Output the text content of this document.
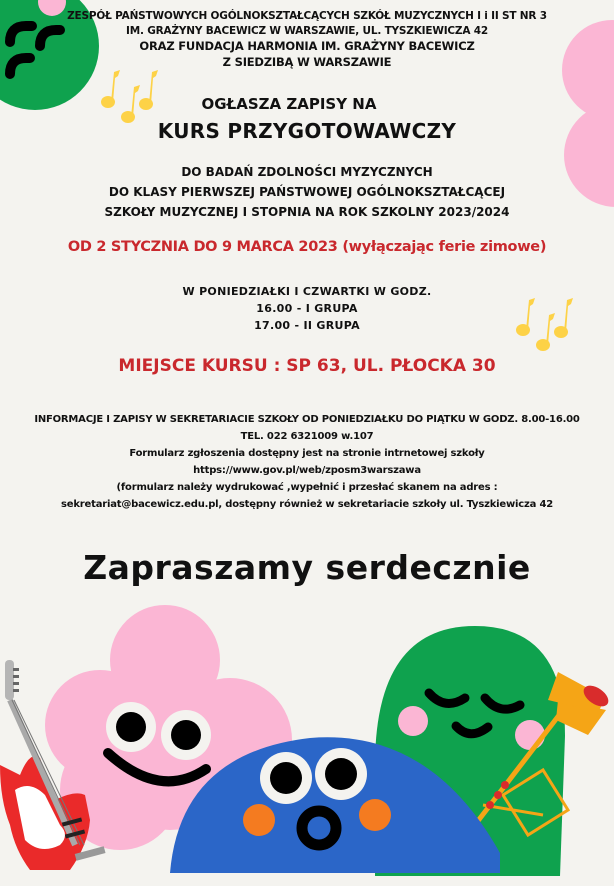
ZESPÓŁ PAŃSTWOWYCH OGÓLNOKSZTAŁCĄCYCH SZKÓŁ MUZYCZNYCH I i II ST NR 3
IM. GRAŻYNY BACEWICZ W WARSZAWIE, UL. TYSZKIEWICZA 42
ORAZ FUNDACJA HARMONIA IM. GRAŻYNY BACEWICZ
Z SIEDZIBĄ W WARSZAWIE
OGŁASZA ZAPISY NA
KURS PRZYGOTOWAWCZY
DO BADAŃ ZDOLNOŚCI MYZYCZNYCH
DO KLASY PIERWSZEJ PAŃSTWOWEJ OGÓLNOKSZTAŁCĄCEJ
SZKOŁY MUZYCZNEJ I STOPNIA NA ROK SZKOLNY 2023/2024
OD 2 STYCZNIA DO 9 MARCA 2023 (wyłączając ferie zimowe)
W PONIEDZIAŁKI I CZWARTKI W GODZ.
16.00 - I GRUPA
17.00 - II GRUPA
MIEJSCE KURSU : SP 63, UL. PŁOCKA 30
INFORMACJE I ZAPISY W SEKRETARIACIE SZKOŁY OD PONIEDZIAŁKU DO PIĄTKU W GODZ. 8.00-16.00
TEL. 022 6321009 w.107
Formularz zgłoszenia dostępny jest na stronie intrnetowej szkoły
https://www.gov.pl/web/zposm3warszawa
(formularz należy wydrukować ,wypełnić i przesłać skanem na adres :
sekretariat@bacewicz.edu.pl, dostępny również w sekretariacie szkoły ul. Tyszkiewicza 42
Zapraszamy serdecznie
